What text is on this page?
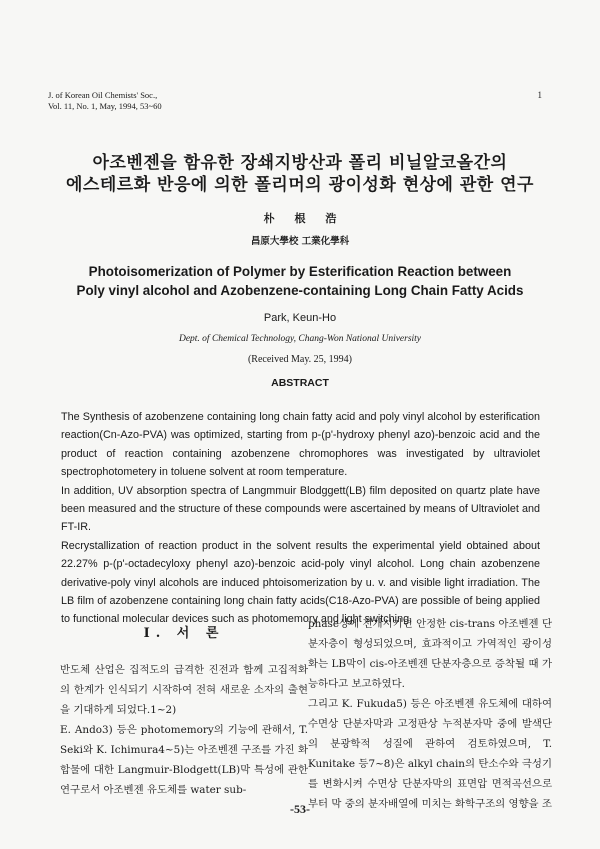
J. of Korean Oil Chemists' Soc.,
Vol. 11, No. 1, May, 1994, 53~60
1
아조벤젠을 함유한 장쇄지방산과 폴리 비닐알코올간의
에스테르화 반응에 의한 폴리머의 광이성화 현상에 관한 연구
朴 根 浩
昌原大學校 工業化學科
Photoisomerization of Polymer by Esterification Reaction between
Poly vinyl alcohol and Azobenzene-containing Long Chain Fatty Acids
Park, Keun-Ho
Dept. of Chemical Technology, Chang-Won National University
(Received May. 25, 1994)
ABSTRACT

The Synthesis of azobenzene containing long chain fatty acid and poly vinyl alcohol by esterification reaction(Cn-Azo-PVA) was optimized, starting from p-(p'-hydroxy phenyl azo)-benzoic acid and the product of reaction containing azobenzene chromophores was investigated by ultraviolet spectrophotometery in toluene solvent at room temperature.

In addition, UV absorption spectra of Langmmuir Blodggett(LB) film deposited on quartz plate have been measured and the structure of these compounds were ascertained by means of Ultraviolet and FT-IR.

Recrystallization of reaction product in the solvent results the experimental yield obtained about 22.27% p-(p'-octadecyloxy phenyl azo)-benzoic acid-poly vinyl alcohol. Long chain azobenzene derivative-poly vinyl alcohols are induced phtoisomerization by u. v. and visible light irradiation. The LB film of azobenzene containing long chain fatty acids(C18-Azo-PVA) are possible of being applied to functional molecular devices such as photomemory and light switching.

I. 서 론

반도체 산업은 집적도의 급격한 진전과 함께 고집적화의 한계가 인식되기 시작하여 전혀 새로운 소자의 출현을 기대하게 되었다.1~2)

E. Ando3) 등은 photomemory의 기능에 관해서, T. Seki와 K. Ichimura4~5)는 아조벤젠 구조를 가진 화합물에 대한 Langmuir-Blodgett(LB)막 특성에 관한 연구로서 아조벤젠 유도체를 water sub-

phase상에 전개시키면 안정한 cis-trans 아조벤젠 단분자층이 형성되었으며, 효과적이고 가역적인 광이성화는 LB막이 cis-아조벤젠 단분자층으로 증착될 때 가능하다고 보고하였다.

그리고 K. Fukuda5) 등은 아조벤젠 유도체에 대하여 수면상 단분자막과 고정판상 누적분자막 중에 발색단의 분광학적 성질에 관하여 검토하였으며, T. Kunitake 등7~8)은 alkyl chain의 탄소수와 극성기를 변화시켜 수면상 단분자막의 표면압 면적곡선으로부터 막 중의 분자배열에 미치는 화학구조의 영향을 조

-53-
